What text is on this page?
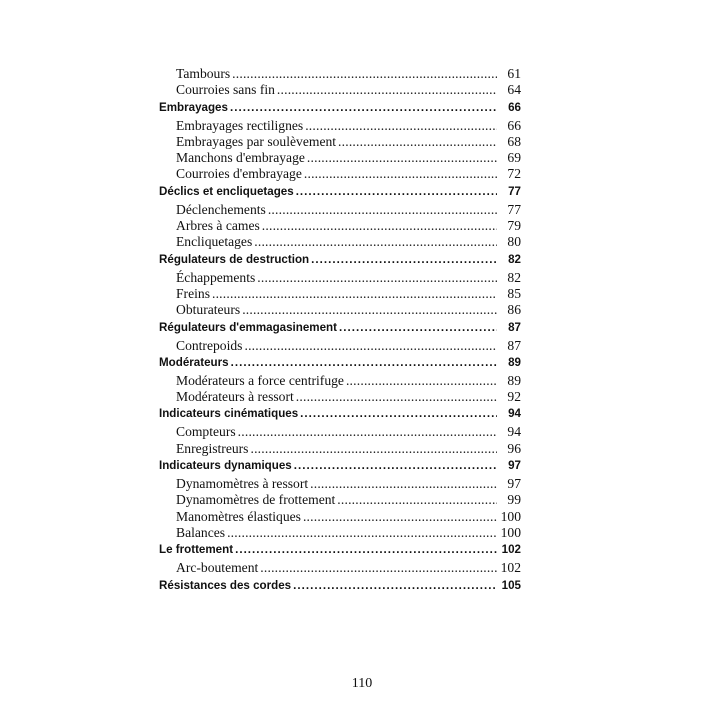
Tambours . . .	61
Courroies sans fin . . .	64
Embrayages . . .	66
Embrayages rectilignes . . .	66
Embrayages par soulèvement . . .	68
Manchons d'embrayage . . .	69
Courroies d'embrayage . . .	72
Déclics et encliquetages . . .	77
Déclenchements . . .	77
Arbres à cames . . .	79
Encliquetages . . .	80
Régulateurs de destruction . . .	82
Échappements . . .	82
Freins . . .	85
Obturateurs . . .	86
Régulateurs d'emmagasinement . . .	87
Contrepoids . . .	87
Modérateurs . . .	89
Modérateurs a force centrifuge . . .	89
Modérateurs à ressort . . .	92
Indicateurs cinématiques . . .	94
Compteurs . . .	94
Enregistreurs . . .	96
Indicateurs dynamiques . . .	97
Dynamomètres à ressort . . .	97
Dynamomètres de frottement . . .	99
Manomètres élastiques . . .	100
Balances . . .	100
Le frottement . . .	102
Arc-boutement . . .	102
Résistances des cordes . . .	105
110
